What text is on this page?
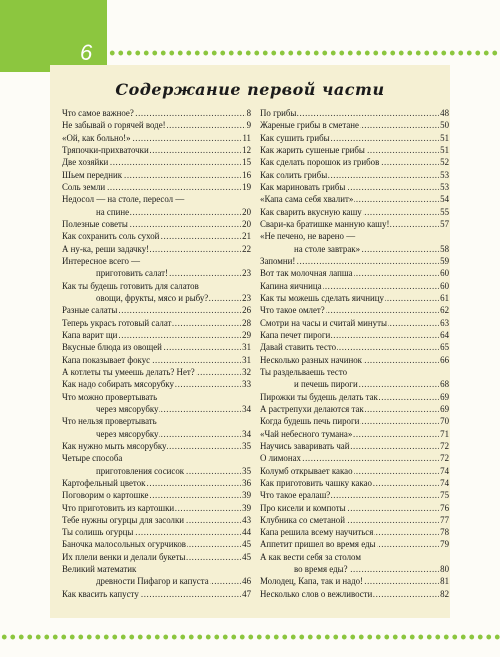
6
Содержание первой части
..... Что самое важное?	8
..... Не забывай о горячей воде!	9
..... «Ой, как больно!»	11
..... Тряпочки-прихваточки	12
..... Две хозяйки	15
..... Шьем передник	16
..... Соль земли	19
Недосол — на столе, пересол —
..... на спине	20
..... Полезные советы	20
..... Как сохранить соль сухой	21
..... А ну-ка, реши задачку!	22
Интересное всего —
..... приготовить салат!	23
Как ты будешь готовить для салатов
..... овощи, фрукты, мясо и рыбу?	23
..... Разные салаты	26
..... Теперь украсъ готовый салат	28
..... Капа варит щи	29
..... Вкусные блюда из овощей	31
..... Капа показывает фокус	31
..... А котлеты ты умеешь делать? Нет?	32
..... Как надо собирать мясорубку	33
Что можно провертывать
..... через мясорубку	34
Что нельзя провертывать
..... через мясорубку	34
..... Как нужно мыть мясорубку	35
Четыре способа
..... приготовления сосисок	35
..... Картофельный цветок	36
..... Поговорим о картошке	39
..... Что приготовить из картошки	39
..... Тебе нужны огурцы для засолки	43
..... Ты солишь огурцы	44
..... Баночка малосольных огурчиков	45
..... Их плели венки и делали букеты	45
Великий математик
..... древности Пифагор и капуста	46
..... Как квасить капусту	47
..... По грибы	48
..... Жареные грибы в сметане	50
..... Как сушить грибы	51
..... Как жарить сушеные грибы	51
..... Как сделать порошок из грибов	52
..... Как солить грибы	53
..... Как мариновать грибы	53
..... «Капа сама себя хвалит»	54
..... Как сварить вкусную кашу	55
..... Свари-ка братишке манную кашу!	57
«Не печено, не варено —
..... на столе завтрак»	58
..... Запомни!	59
..... Вот так молочная лапша	60
..... Капина яичница	60
..... Как ты можешь сделать яичницу	61
..... Что такое омлет?	62
..... Смотри на часы и считай минуты	63
..... Капа печет пироги	64
..... Давай ставить тесто	65
..... Несколько разных начинок	66
Ты раздельваешь тесто
..... и печешь пироги	68
..... Пирожки ты будешь делать так	69
..... А растрепухи делаются так	69
..... Когда будешь печь пироги	70
..... «Чай небесного тумана»	71
..... Научись заваривать чай	72
..... О лимонах	72
..... Колумб открывает какао	74
..... Как приготовить чашку какао	74
..... Что такое ералаш?	75
..... Про кисели и компоты	76
..... Клубника со сметаной	77
..... Капа решила всему научиться	78
..... Аппетит пришел во время еды	79
А как вести себя за столом
..... во время еды?	80
..... Молодец, Капа, так и надо!	81
..... Несколько слов о вежливости	82
